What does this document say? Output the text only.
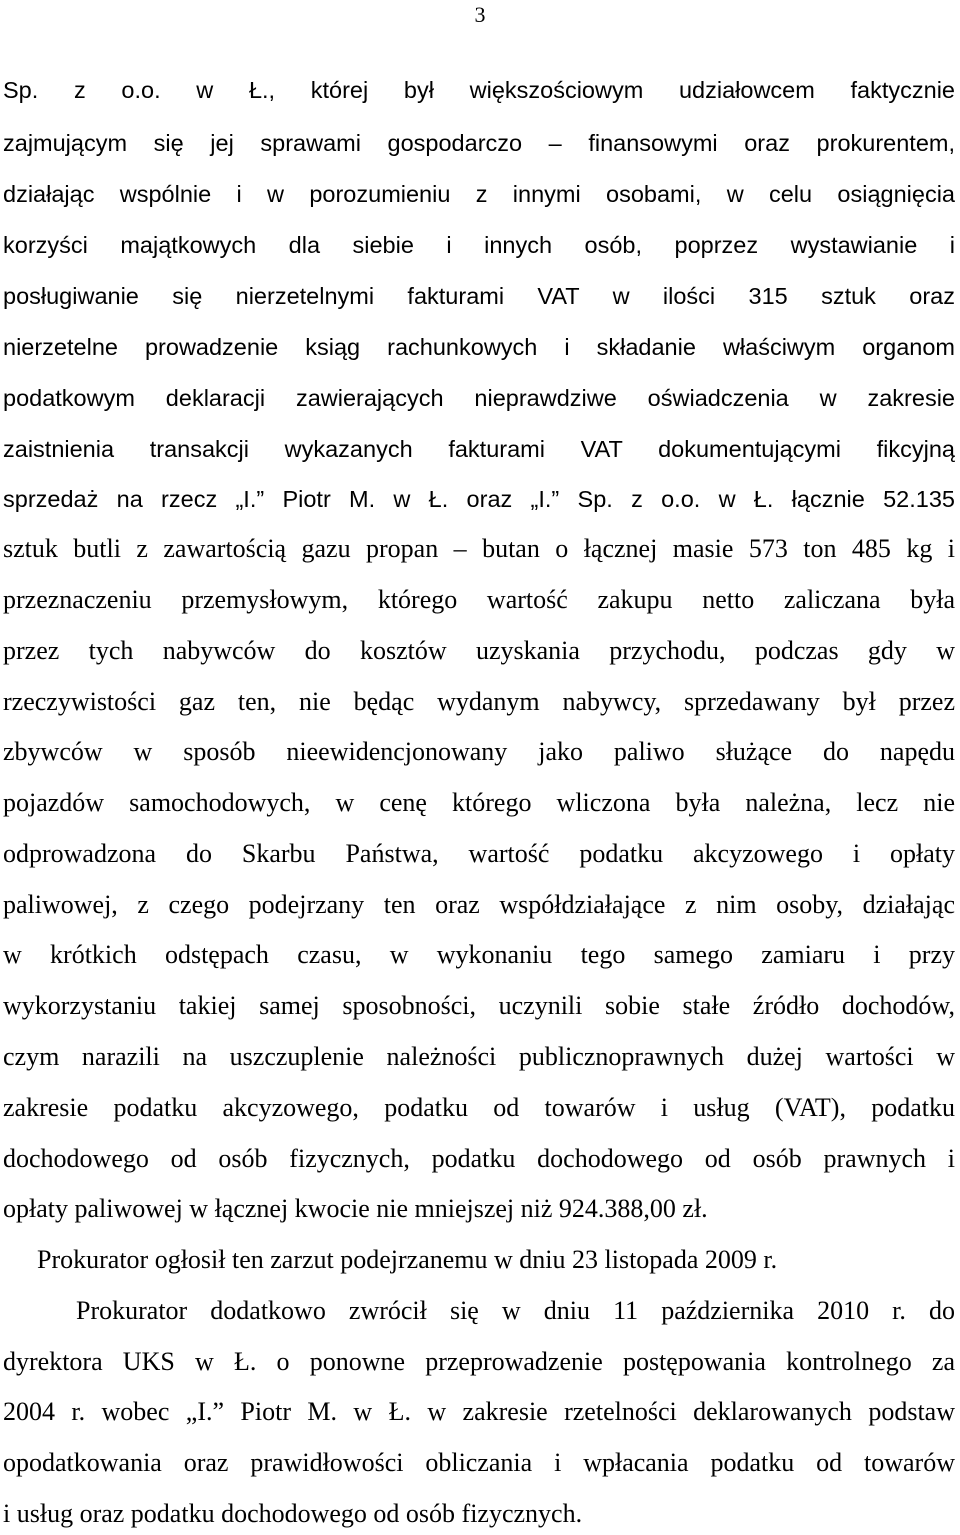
3
Sp. z o.o. w Ł., której był większościowym udziałowcem faktycznie
zajmującym się jej sprawami gospodarczo – finansowymi oraz prokurentem,
działając wspólnie i w porozumieniu z innymi osobami, w celu osiągnięcia
korzyści majątkowych dla siebie i innych osób, poprzez wystawianie i
posługiwanie się nierzetelnymi fakturami VAT w ilości 315 sztuk oraz
nierzetelne prowadzenie ksiąg rachunkowych i składanie właściwym organom
podatkowym deklaracji zawierających nieprawdziwe oświadczenia w zakresie
zaistnienia transakcji wykazanych fakturami VAT dokumentującymi fikcyjną
sprzedaż na rzecz „I.” Piotr M. w Ł. oraz „I.” Sp. z o.o. w Ł. łącznie 52.135
sztuk butli z zawartością gazu propan – butan o łącznej masie 573 ton 485 kg i
przeznaczeniu przemysłowym, którego wartość zakupu netto zaliczana była
przez tych nabywców do kosztów uzyskania przychodu, podczas gdy w
rzeczywistości gaz ten, nie będąc wydanym nabywcy, sprzedawany był przez
zbywców w sposób nieewidencjonowany jako paliwo służące do napędu
pojazdów samochodowych, w cenę którego wliczona była należna, lecz nie
odprowadzona do Skarbu Państwa, wartość podatku akcyzowego i opłaty
paliwowej, z czego podejrzany ten oraz współdziałające z nim osoby, działając
w krótkich odstępach czasu, w wykonaniu tego samego zamiaru i przy
wykorzystaniu takiej samej sposobności, uczynili sobie stałe źródło dochodów,
czym narazili na uszczuplenie należności publicznoprawnych dużej wartości w
zakresie podatku akcyzowego, podatku od towarów i usług (VAT), podatku
dochodowego od osób fizycznych, podatku dochodowego od osób prawnych i
opłaty paliwowej w łącznej kwocie nie mniejszej niż 924.388,00 zł.
Prokurator ogłosił ten zarzut podejrzanemu w dniu 23 listopada 2009 r.
Prokurator dodatkowo zwrócił się w dniu 11 października 2010 r. do
dyrektora UKS w Ł. o ponowne przeprowadzenie postępowania kontrolnego za
2004 r. wobec „I.” Piotr M. w Ł. w zakresie rzetelności deklarowanych podstaw
opodatkowania oraz prawidłowości obliczania i wpłacania podatku od towarów
i usług oraz podatku dochodowego od osób fizycznych.
